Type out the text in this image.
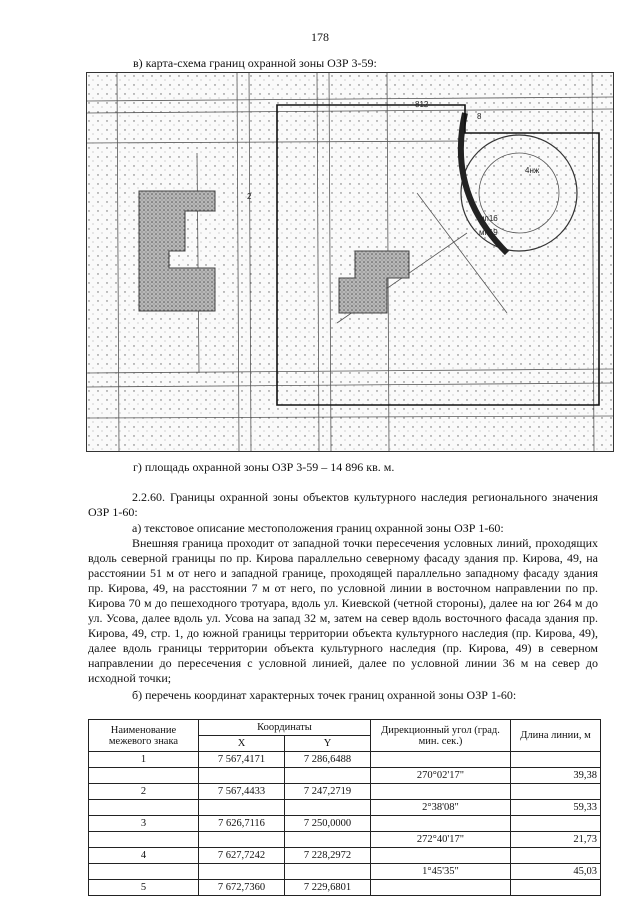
178
в) карта-схема границ охранной зоны ОЗР 3-59:
812
8
мп16
мп19
4нж
2
г) площадь охранной зоны ОЗР 3-59 – 14 896 кв. м.
2.2.60. Границы охранной зоны объектов культурного наследия регионального значения ОЗР 1-60:
а) текстовое описание местоположения границ охранной зоны ОЗР 1-60:
Внешняя граница проходит от западной точки пересечения условных линий, проходящих вдоль северной границы по пр. Кирова параллельно северному фасаду здания пр. Кирова, 49, на расстоянии 51 м от него и западной границе, проходящей параллельно западному фасаду здания пр. Кирова, 49, на расстоянии 7 м от него, по условной линии в восточном направлении по пр. Кирова 70 м до пешеходного тротуара, вдоль ул. Киевской (четной стороны), далее на юг 264 м до ул. Усова, далее вдоль ул. Усова на запад 32 м, затем на север вдоль восточного фасада здания пр. Кирова, 49, стр. 1, до южной границы территории объекта культурного наследия (пр. Кирова, 49), далее вдоль границы территории объекта культурного наследия (пр. Кирова, 49) в северном направлении до пересечения с условной линией, далее по условной линии 36 м на север до исходной точки;
б) перечень координат характерных точек границ охранной зоны ОЗР 1-60:
Наименование межевого знака	Координаты		Дирекционный угол (град. мин. сек.)	Длина линии, м
	X	Y		
1	7 567,4171	7 286,6488		
			270°02'17"	39,38
2	7 567,4433	7 247,2719		
			2°38'08"	59,33
3	7 626,7116	7 250,0000		
			272°40'17"	21,73
4	7 627,7242	7 228,2972		
			1°45'35"	45,03
5	7 672,7360	7 229,6801		
